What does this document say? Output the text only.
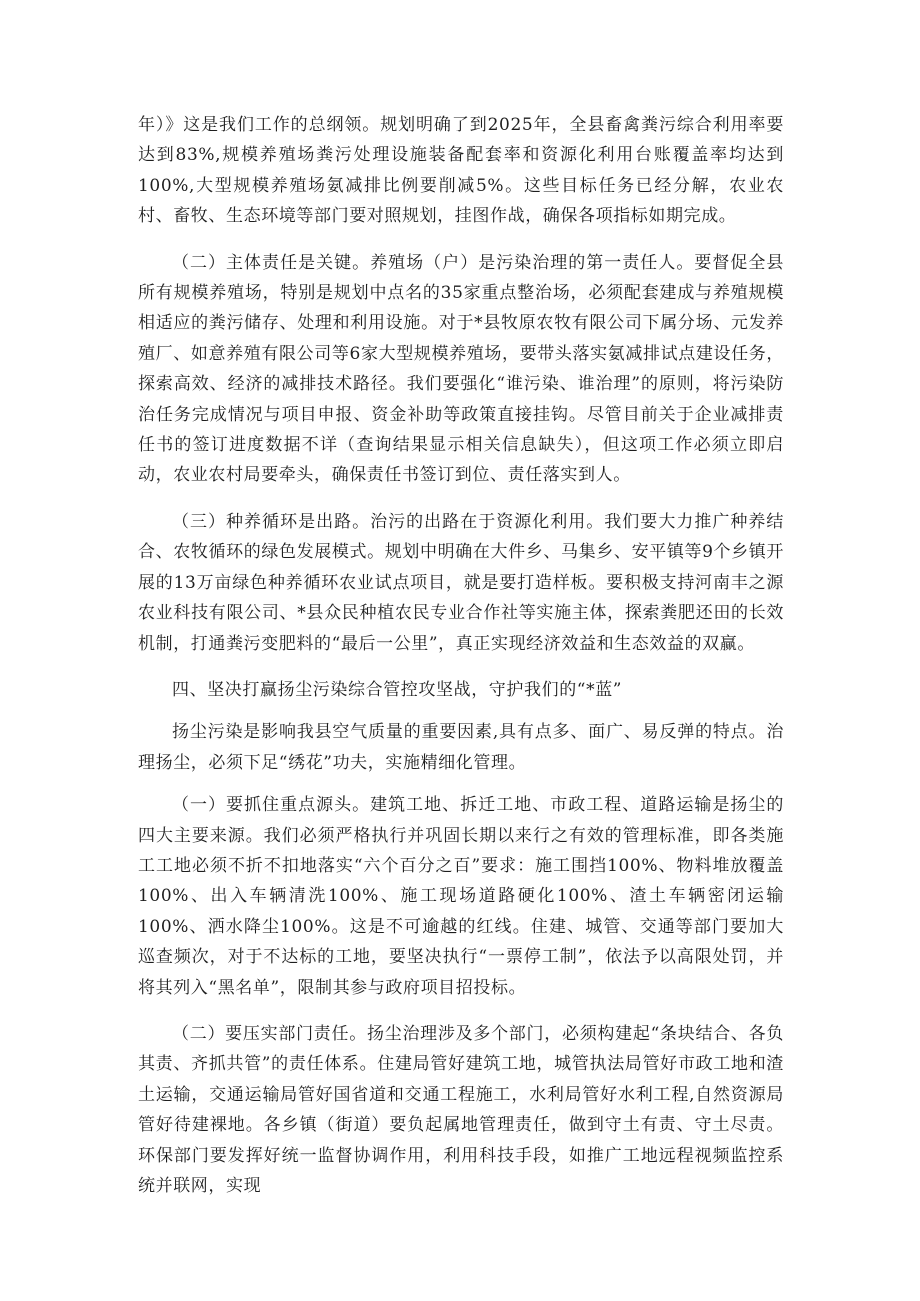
年）》这是我们工作的总纲领。规划明确了到2025年，全县畜禽粪污综合利用率要达到83%,规模养殖场粪污处理设施装备配套率和资源化利用台账覆盖率均达到100%,大型规模养殖场氨减排比例要削减5%。这些目标任务已经分解，农业农村、畜牧、生态环境等部门要对照规划，挂图作战，确保各项指标如期完成。

（二）主体责任是关键。养殖场（户）是污染治理的第一责任人。要督促全县所有规模养殖场，特别是规划中点名的35家重点整治场，必须配套建成与养殖规模相适应的粪污储存、处理和利用设施。对于*县牧原农牧有限公司下属分场、元发养殖厂、如意养殖有限公司等6家大型规模养殖场，要带头落实氨减排试点建设任务，探索高效、经济的减排技术路径。我们要强化“谁污染、谁治理”的原则，将污染防治任务完成情况与项目申报、资金补助等政策直接挂钩。尽管目前关于企业减排责任书的签订进度数据不详（查询结果显示相关信息缺失），但这项工作必须立即启动，农业农村局要牵头，确保责任书签订到位、责任落实到人。

（三）种养循环是出路。治污的出路在于资源化利用。我们要大力推广种养结合、农牧循环的绿色发展模式。规划中明确在大件乡、马集乡、安平镇等9个乡镇开展的13万亩绿色种养循环农业试点项目，就是要打造样板。要积极支持河南丰之源农业科技有限公司、*县众民种植农民专业合作社等实施主体，探索粪肥还田的长效机制，打通粪污变肥料的“最后一公里”，真正实现经济效益和生态效益的双赢。

四、坚决打赢扬尘污染综合管控攻坚战，守护我们的“*蓝”

扬尘污染是影响我县空气质量的重要因素,具有点多、面广、易反弹的特点。治理扬尘，必须下足“绣花”功夫，实施精细化管理。

（一）要抓住重点源头。建筑工地、拆迁工地、市政工程、道路运输是扬尘的四大主要来源。我们必须严格执行并巩固长期以来行之有效的管理标准，即各类施工工地必须不折不扣地落实“六个百分之百”要求：施工围挡100%、物料堆放覆盖100%、出入车辆清洗100%、施工现场道路硬化100%、渣土车辆密闭运输100%、洒水降尘100%。这是不可逾越的红线。住建、城管、交通等部门要加大巡查频次，对于不达标的工地，要坚决执行“一票停工制”，依法予以高限处罚，并将其列入“黑名单”，限制其参与政府项目招投标。

（二）要压实部门责任。扬尘治理涉及多个部门，必须构建起“条块结合、各负其责、齐抓共管”的责任体系。住建局管好建筑工地，城管执法局管好市政工地和渣土运输，交通运输局管好国省道和交通工程施工，水利局管好水利工程,自然资源局管好待建裸地。各乡镇（街道）要负起属地管理责任，做到守土有责、守土尽责。环保部门要发挥好统一监督协调作用，利用科技手段，如推广工地远程视频监控系统并联网，实现
